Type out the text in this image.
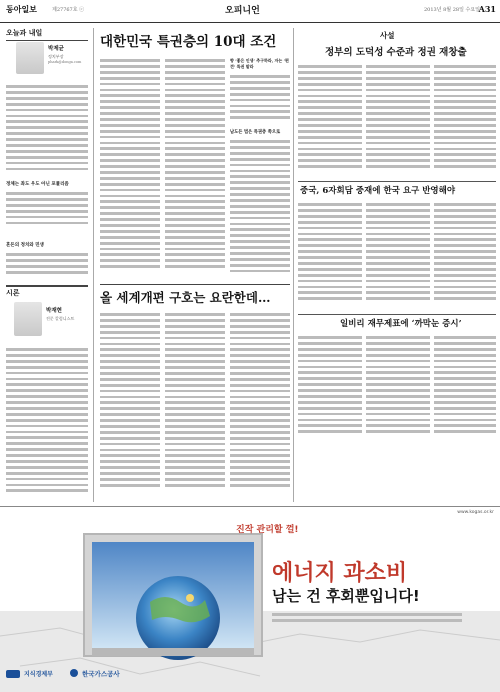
동아일보	제27767호 ⓒ	오피니언	2013년 8월 28일 수요일
A31
오늘과 내일
박제균
정치부장
phark@donga.com
정체는 좌도 우도 아닌 포퓰리즘
혼돈의 정치와 민생
시론
박재현
전문 칼럼니스트
대한민국 특권층의 10대 조건
향 ‘좋은 인생’ 추구하라, 자는 ‘편견’ 특권 말라
남도든 법은 특권층 쪽으로
올 세계개편 구호는 요란한데…
사설
정부의 도덕성 수준과 정권 재창출
중국, 6자회담 중재에 한국 요구 반영해야
일비리 재무제표에 ‘까막눈 증시’
www.kogas.or.kr
진작 관리할 껄!
에너지 과소비
남는 건 후회뿐입니다!
지식경제부	한국가스공사
